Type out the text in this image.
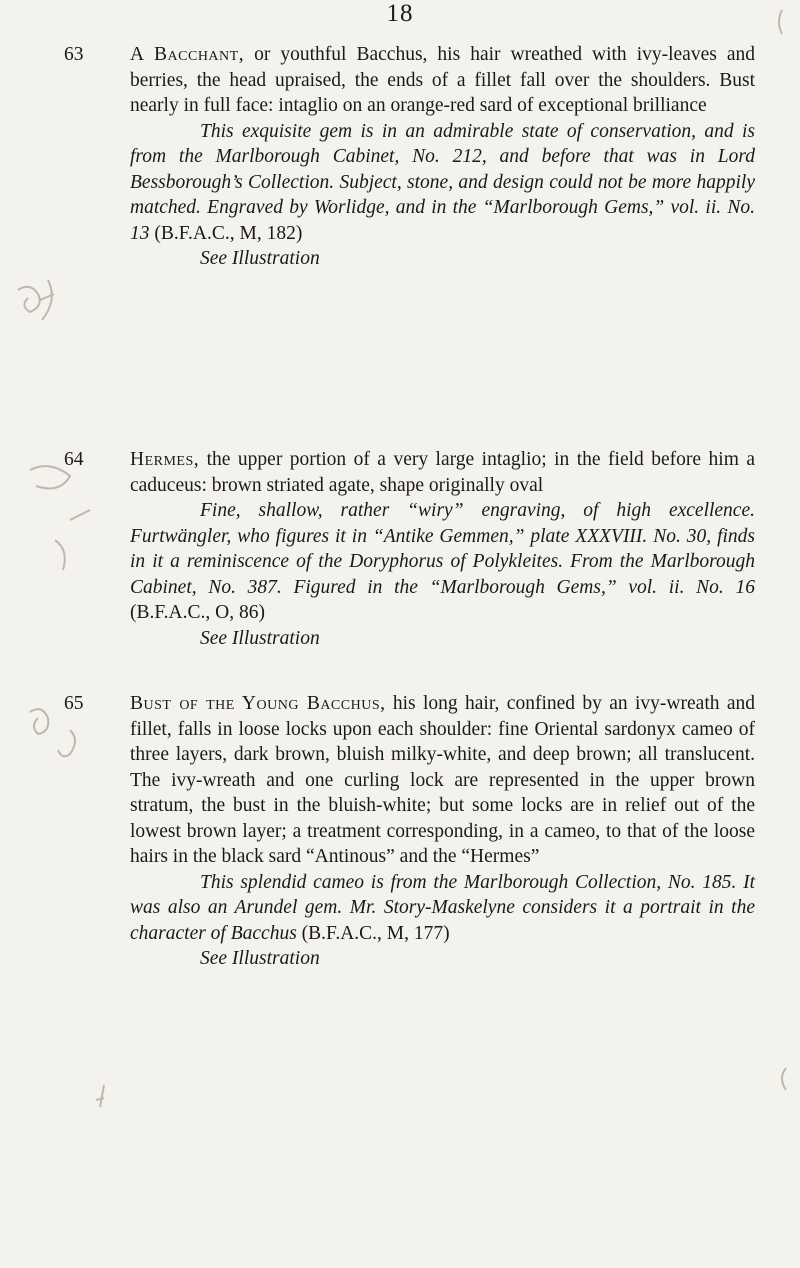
18
63 A Bacchant, or youthful Bacchus, his hair wreathed with ivy-leaves and berries, the head upraised, the ends of a fillet fall over the shoulders. Bust nearly in full face: intaglio on an orange-red sard of exceptional brilliance

This exquisite gem is in an admirable state of conservation, and is from the Marlborough Cabinet, No. 212, and before that was in Lord Bessborough’s Collection. Subject, stone, and design could not be more happily matched. Engraved by Worlidge, and in the “Marlborough Gems,” vol. ii. No. 13 (B.F.A.C., M, 182)

See Illustration

64 Hermes, the upper portion of a very large intaglio; in the field before him a caduceus: brown striated agate, shape originally oval

Fine, shallow, rather “wiry” engraving, of high excellence. Furtwängler, who figures it in “Antike Gemmen,” plate XXXVIII. No. 30, finds in it a reminiscence of the Doryphorus of Polykleites. From the Marlborough Cabinet, No. 387. Figured in the “Marlborough Gems,” vol. ii. No. 16 (B.F.A.C., O, 86)

See Illustration

65 Bust of the Young Bacchus, his long hair, confined by an ivy-wreath and fillet, falls in loose locks upon each shoulder: fine Oriental sardonyx cameo of three layers, dark brown, bluish milky-white, and deep brown; all translucent. The ivy-wreath and one curling lock are represented in the upper brown stratum, the bust in the bluish-white; but some locks are in relief out of the lowest brown layer; a treatment corresponding, in a cameo, to that of the loose hairs in the black sard “Antinous” and the “Hermes”

This splendid cameo is from the Marlborough Collection, No. 185. It was also an Arundel gem. Mr. Story-Maskelyne considers it a portrait in the character of Bacchus (B.F.A.C., M, 177)

See Illustration
